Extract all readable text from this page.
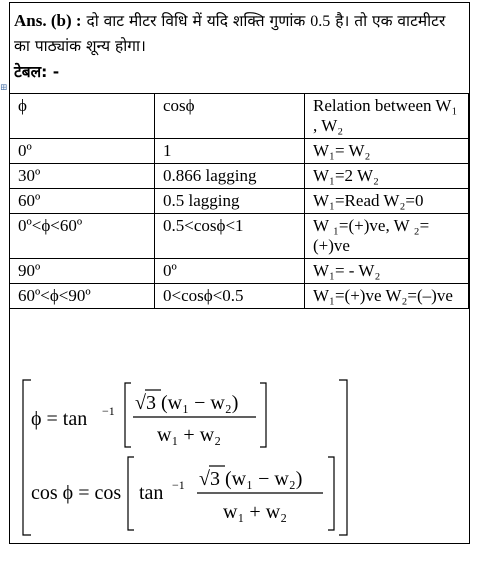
Ans. (b) : दो वाट मीटर विधि में यदि शक्ति गुणांक 0.5 है। तो एक वाटमीटर का पाठ्यांक शून्य होगा।
टेबल: -
⊞
ϕ	cosϕ	Relation between W₁ , W₂
0º	1	W₁= W₂
30º	0.866 lagging	W₁=2 W₂
60º	0.5 lagging	W₁=Read W₂=0
0º<ϕ<60º	0.5<cosϕ<1	W ₁=(+)ve, W ₂=(+)ve
90º	0º	W₁= - W₂
60º<ϕ<90º	0<cosϕ<0.5	W₁=(+)ve W₂=(–)ve
ϕ = tan −1 √3 (w₁ − w₂)
w₁ + w₂
cos ϕ = cos tan −1 √3 (w₁ − w₂)
w₁ + w₂
